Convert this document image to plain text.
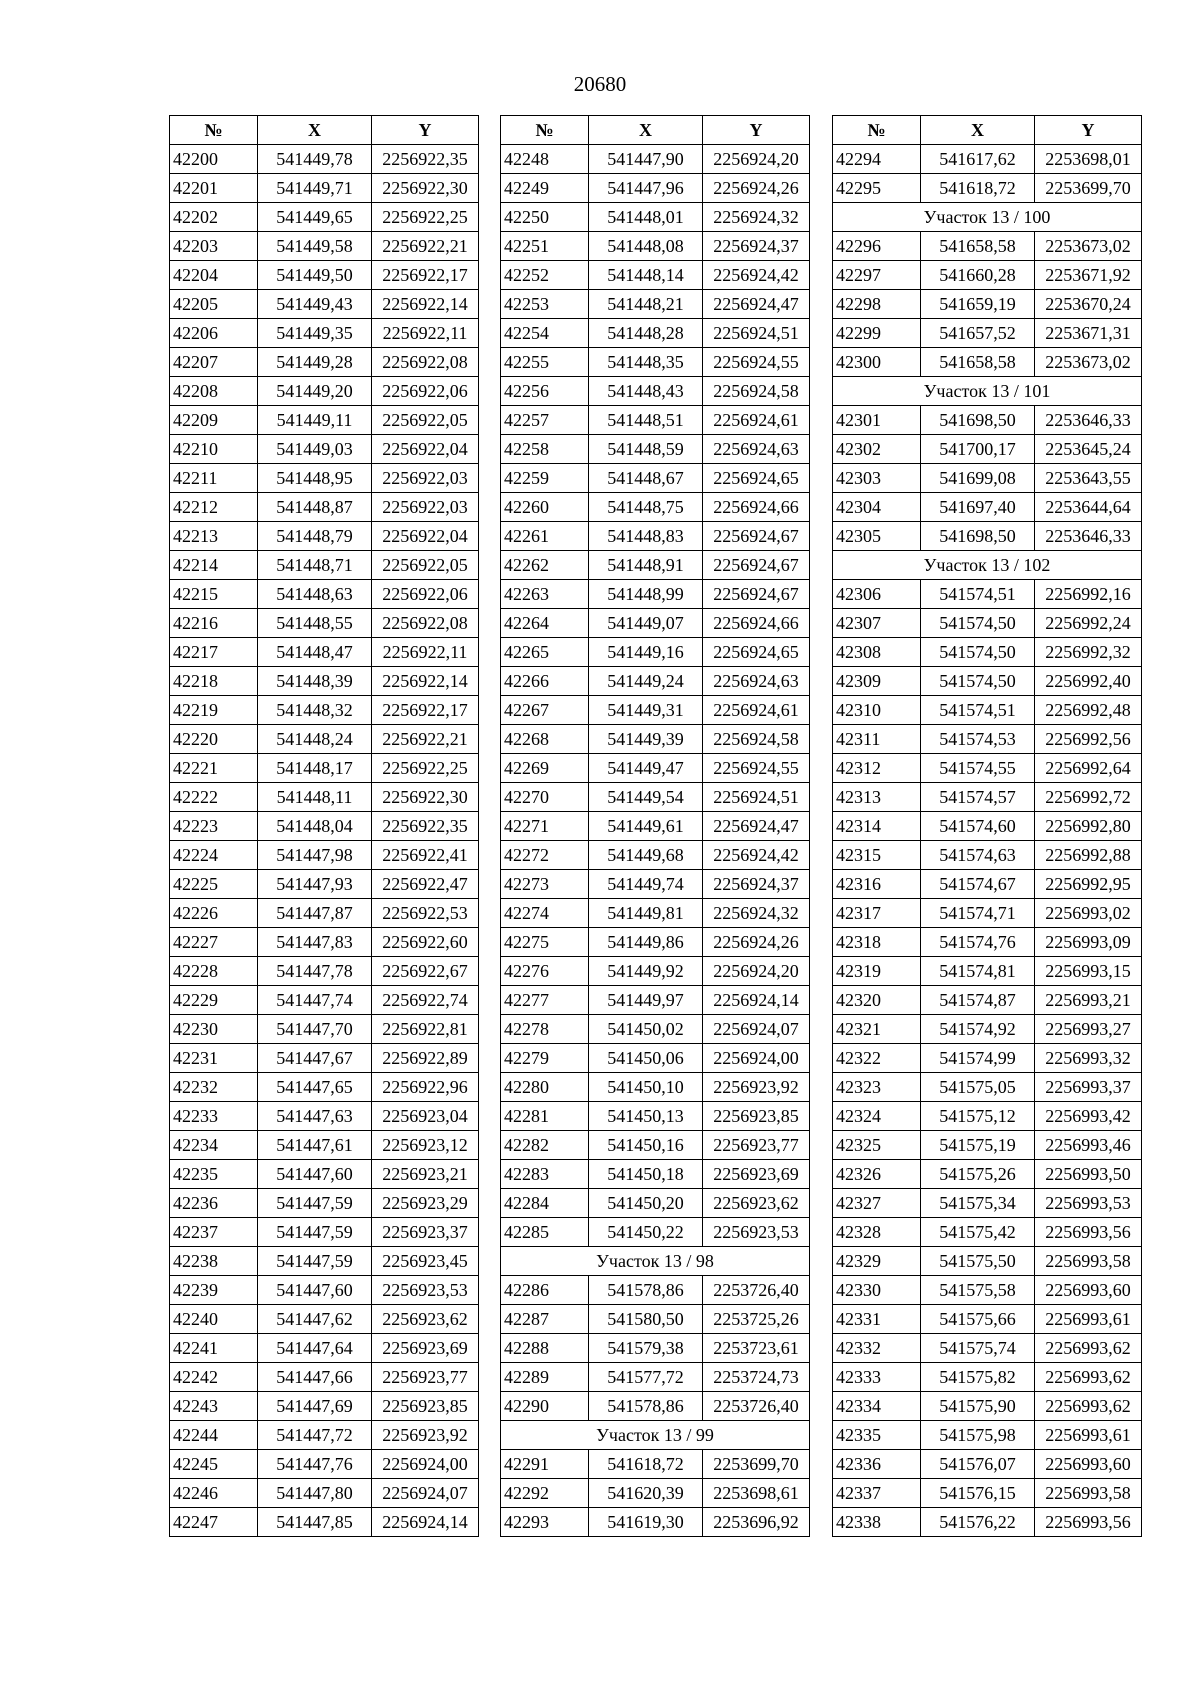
20680
№	X	Y
42200	541449,78	2256922,35
42201	541449,71	2256922,30
42202	541449,65	2256922,25
42203	541449,58	2256922,21
42204	541449,50	2256922,17
42205	541449,43	2256922,14
42206	541449,35	2256922,11
42207	541449,28	2256922,08
42208	541449,20	2256922,06
42209	541449,11	2256922,05
42210	541449,03	2256922,04
42211	541448,95	2256922,03
42212	541448,87	2256922,03
42213	541448,79	2256922,04
42214	541448,71	2256922,05
42215	541448,63	2256922,06
42216	541448,55	2256922,08
42217	541448,47	2256922,11
42218	541448,39	2256922,14
42219	541448,32	2256922,17
42220	541448,24	2256922,21
42221	541448,17	2256922,25
42222	541448,11	2256922,30
42223	541448,04	2256922,35
42224	541447,98	2256922,41
42225	541447,93	2256922,47
42226	541447,87	2256922,53
42227	541447,83	2256922,60
42228	541447,78	2256922,67
42229	541447,74	2256922,74
42230	541447,70	2256922,81
42231	541447,67	2256922,89
42232	541447,65	2256922,96
42233	541447,63	2256923,04
42234	541447,61	2256923,12
42235	541447,60	2256923,21
42236	541447,59	2256923,29
42237	541447,59	2256923,37
42238	541447,59	2256923,45
42239	541447,60	2256923,53
42240	541447,62	2256923,62
42241	541447,64	2256923,69
42242	541447,66	2256923,77
42243	541447,69	2256923,85
42244	541447,72	2256923,92
42245	541447,76	2256924,00
42246	541447,80	2256924,07
42247	541447,85	2256924,14
№	X	Y
42248	541447,90	2256924,20
42249	541447,96	2256924,26
42250	541448,01	2256924,32
42251	541448,08	2256924,37
42252	541448,14	2256924,42
42253	541448,21	2256924,47
42254	541448,28	2256924,51
42255	541448,35	2256924,55
42256	541448,43	2256924,58
42257	541448,51	2256924,61
42258	541448,59	2256924,63
42259	541448,67	2256924,65
42260	541448,75	2256924,66
42261	541448,83	2256924,67
42262	541448,91	2256924,67
42263	541448,99	2256924,67
42264	541449,07	2256924,66
42265	541449,16	2256924,65
42266	541449,24	2256924,63
42267	541449,31	2256924,61
42268	541449,39	2256924,58
42269	541449,47	2256924,55
42270	541449,54	2256924,51
42271	541449,61	2256924,47
42272	541449,68	2256924,42
42273	541449,74	2256924,37
42274	541449,81	2256924,32
42275	541449,86	2256924,26
42276	541449,92	2256924,20
42277	541449,97	2256924,14
42278	541450,02	2256924,07
42279	541450,06	2256924,00
42280	541450,10	2256923,92
42281	541450,13	2256923,85
42282	541450,16	2256923,77
42283	541450,18	2256923,69
42284	541450,20	2256923,62
42285	541450,22	2256923,53
Участок 13 / 98		
42286	541578,86	2253726,40
42287	541580,50	2253725,26
42288	541579,38	2253723,61
42289	541577,72	2253724,73
42290	541578,86	2253726,40
Участок 13 / 99		
42291	541618,72	2253699,70
42292	541620,39	2253698,61
42293	541619,30	2253696,92
№	X	Y
42294	541617,62	2253698,01
42295	541618,72	2253699,70
Участок 13 / 100		
42296	541658,58	2253673,02
42297	541660,28	2253671,92
42298	541659,19	2253670,24
42299	541657,52	2253671,31
42300	541658,58	2253673,02
Участок 13 / 101		
42301	541698,50	2253646,33
42302	541700,17	2253645,24
42303	541699,08	2253643,55
42304	541697,40	2253644,64
42305	541698,50	2253646,33
Участок 13 / 102		
42306	541574,51	2256992,16
42307	541574,50	2256992,24
42308	541574,50	2256992,32
42309	541574,50	2256992,40
42310	541574,51	2256992,48
42311	541574,53	2256992,56
42312	541574,55	2256992,64
42313	541574,57	2256992,72
42314	541574,60	2256992,80
42315	541574,63	2256992,88
42316	541574,67	2256992,95
42317	541574,71	2256993,02
42318	541574,76	2256993,09
42319	541574,81	2256993,15
42320	541574,87	2256993,21
42321	541574,92	2256993,27
42322	541574,99	2256993,32
42323	541575,05	2256993,37
42324	541575,12	2256993,42
42325	541575,19	2256993,46
42326	541575,26	2256993,50
42327	541575,34	2256993,53
42328	541575,42	2256993,56
42329	541575,50	2256993,58
42330	541575,58	2256993,60
42331	541575,66	2256993,61
42332	541575,74	2256993,62
42333	541575,82	2256993,62
42334	541575,90	2256993,62
42335	541575,98	2256993,61
42336	541576,07	2256993,60
42337	541576,15	2256993,58
42338	541576,22	2256993,56
